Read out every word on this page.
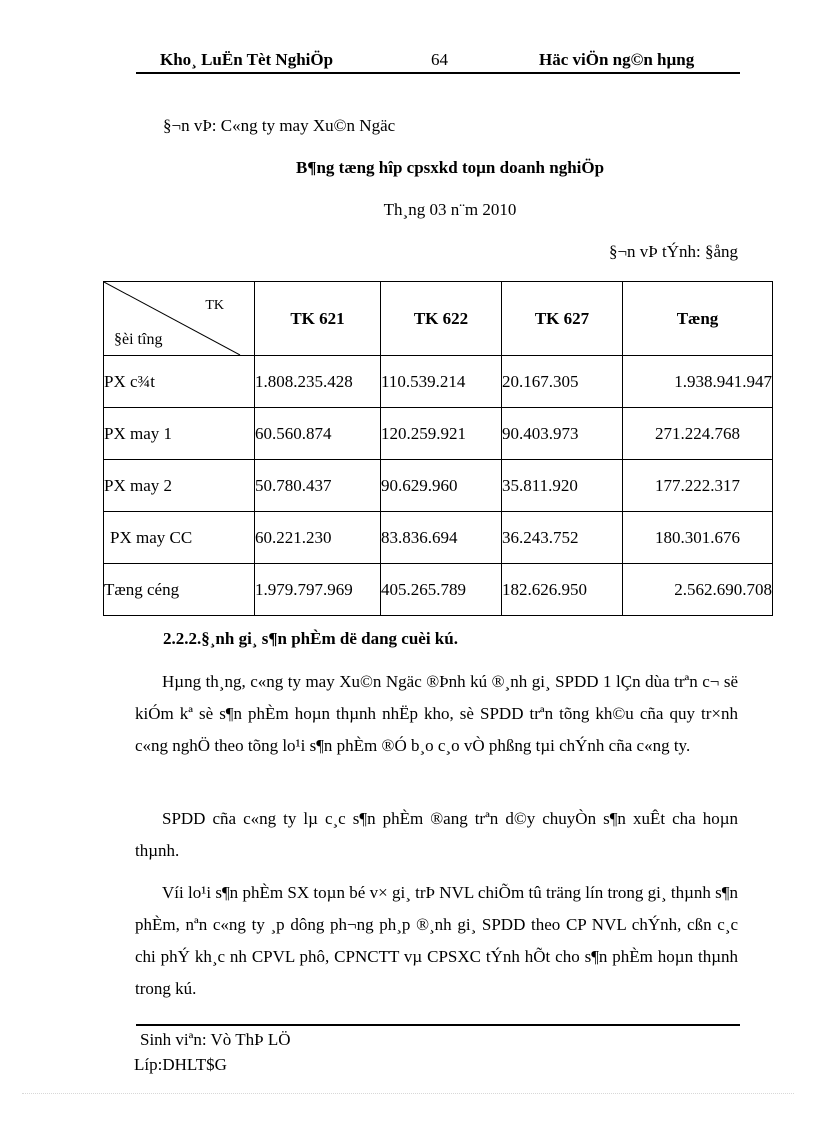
Kho¸ LuËn Tèt NghiÖp	64	Häc viÖn ng©n hµng
§¬n vÞ: C«ng ty may Xu©n Ngäc
B¶ng tæng hîp cpsxkd toµn doanh nghiÖp
Th¸ng 03 n¨m 2010
§¬n vÞ tÝnh: §ång
TK
§èi tîng	TK 621	TK 622	TK 627	Tæng
PX c¾t	1.808.235.428	110.539.214	20.167.305	1.938.941.947
PX may 1	60.560.874	120.259.921	90.403.973	271.224.768
PX may 2	50.780.437	90.629.960	35.811.920	177.222.317
PX may CC	60.221.230	83.836.694	36.243.752	180.301.676
Tæng céng	1.979.797.969	405.265.789	182.626.950	2.562.690.708
2.2.2.§¸nh gi¸ s¶n phÈm dë dang cuèi kú.
Hµng th¸ng, c«ng ty may Xu©n Ngäc ®Þnh kú ®¸nh gi¸ SPDD 1 lÇn dùa trªn c¬ së kiÓm kª sè s¶n phÈm hoµn thµnh nhËp kho, sè SPDD trªn tõng kh©u cña quy tr×nh c«ng nghÖ theo tõng lo¹i s¶n phÈm ®Ó b¸o c¸o vÒ phßng tµi chÝnh cña c«ng ty.
SPDD cña c«ng ty lµ c¸c s¶n phÈm ®ang trªn d©y chuyÒn s¶n xuÊt cha hoµn thµnh.
Víi lo¹i s¶n phÈm SX toµn bé v× gi¸ trÞ NVL chiÕm tû träng lín trong gi¸ thµnh s¶n phÈm, nªn c«ng ty ¸p dông ph¬ng ph¸p ®¸nh gi¸ SPDD theo CP NVL chÝnh, cßn c¸c chi phÝ kh¸c nh CPVL phô, CPNCTT vµ CPSXC tÝnh hÕt cho s¶n phÈm hoµn thµnh trong kú.
Sinh viªn: Vò ThÞ LÖ
Líp:DHLT$G
